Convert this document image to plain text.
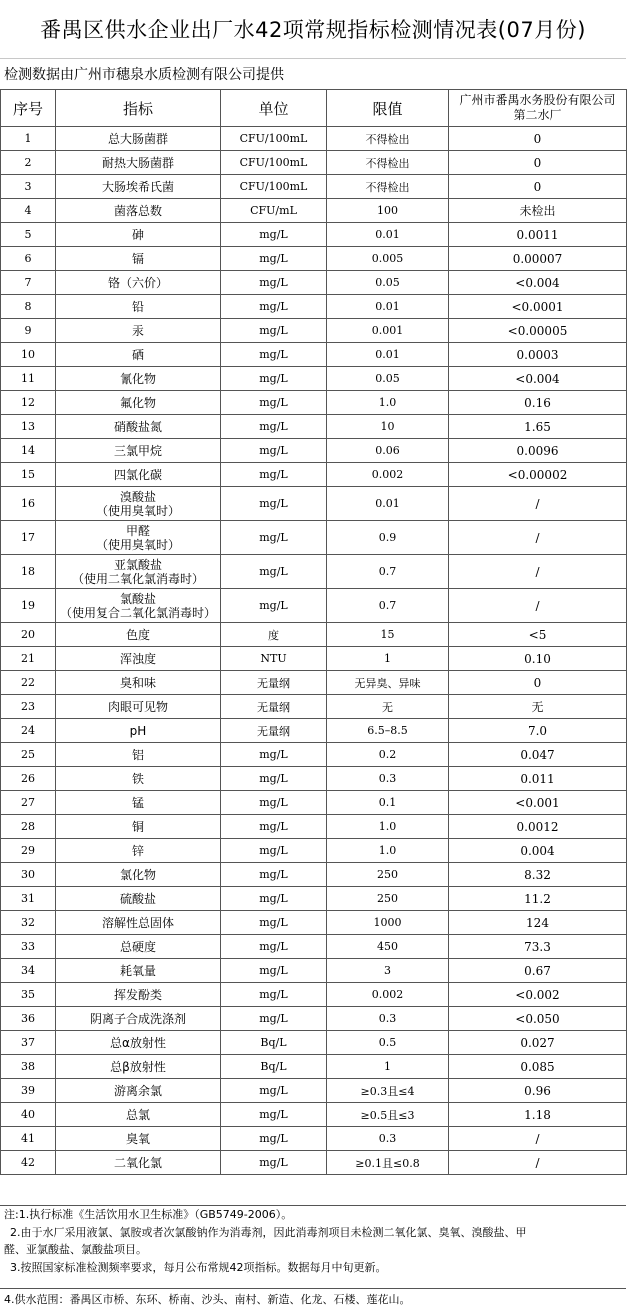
番禺区供水企业出厂水42项常规指标检测情况表(07月份)
检测数据由广州市穗泉水质检测有限公司提供
序号	指标	单位	限值	广州市番禺水务股份有限公司
第二水厂

1	总大肠菌群	CFU/100mL	不得检出	0
2	耐热大肠菌群	CFU/100mL	不得检出	0
3	大肠埃希氏菌	CFU/100mL	不得检出	0
4	菌落总数	CFU/mL	100	未检出
5	砷	mg/L	0.01	0.0011
6	镉	mg/L	0.005	0.00007
7	铬（六价）	mg/L	0.05	<0.004
8	铅	mg/L	0.01	<0.0001
9	汞	mg/L	0.001	<0.00005
10	硒	mg/L	0.01	0.0003
11	氰化物	mg/L	0.05	<0.004
12	氟化物	mg/L	1.0	0.16
13	硝酸盐氮	mg/L	10	1.65
14	三氯甲烷	mg/L	0.06	0.0096
15	四氯化碳	mg/L	0.002	<0.00002
16	溴酸盐
（使用臭氧时）	mg/L	0.01	/
17	甲醛
（使用臭氧时）	mg/L	0.9	/
18	亚氯酸盐
（使用二氧化氯消毒时）	mg/L	0.7	/
19	氯酸盐
（使用复合二氧化氯消毒时）	mg/L	0.7	/
20	色度	度	15	<5
21	浑浊度	NTU	1	0.10
22	臭和味	无量纲	无异臭、异味	0
23	肉眼可见物	无量纲	无	无
24	pH	无量纲	6.5–8.5	7.0
25	铝	mg/L	0.2	0.047
26	铁	mg/L	0.3	0.011
27	锰	mg/L	0.1	<0.001
28	铜	mg/L	1.0	0.0012
29	锌	mg/L	1.0	0.004
30	氯化物	mg/L	250	8.32
31	硫酸盐	mg/L	250	11.2
32	溶解性总固体	mg/L	1000	124
33	总硬度	mg/L	450	73.3
34	耗氧量	mg/L	3	0.67
35	挥发酚类	mg/L	0.002	<0.002
36	阴离子合成洗涤剂	mg/L	0.3	<0.050
37	总α放射性	Bq/L	0.5	0.027
38	总β放射性	Bq/L	1	0.085
39	游离余氯	mg/L	≥0.3且≤4	0.96
40	总氯	mg/L	≥0.5且≤3	1.18
41	臭氧	mg/L	0.3	/
42	二氧化氯	mg/L	≥0.1且≤0.8	/
注:1.执行标准《生活饮用水卫生标准》（GB5749-2006）。
2.由于水厂采用液氯、氯胺或者次氯酸钠作为消毒剂，因此消毒剂项目未检测二氧化氯、臭氧、溴酸盐、甲
醛、亚氯酸盐、氯酸盐项目。
3.按照国家标准检测频率要求，每月公布常规42项指标。数据每月中旬更新。
4.供水范围：番禺区市桥、东环、桥南、沙头、南村、新造、化龙、石楼、莲花山。
